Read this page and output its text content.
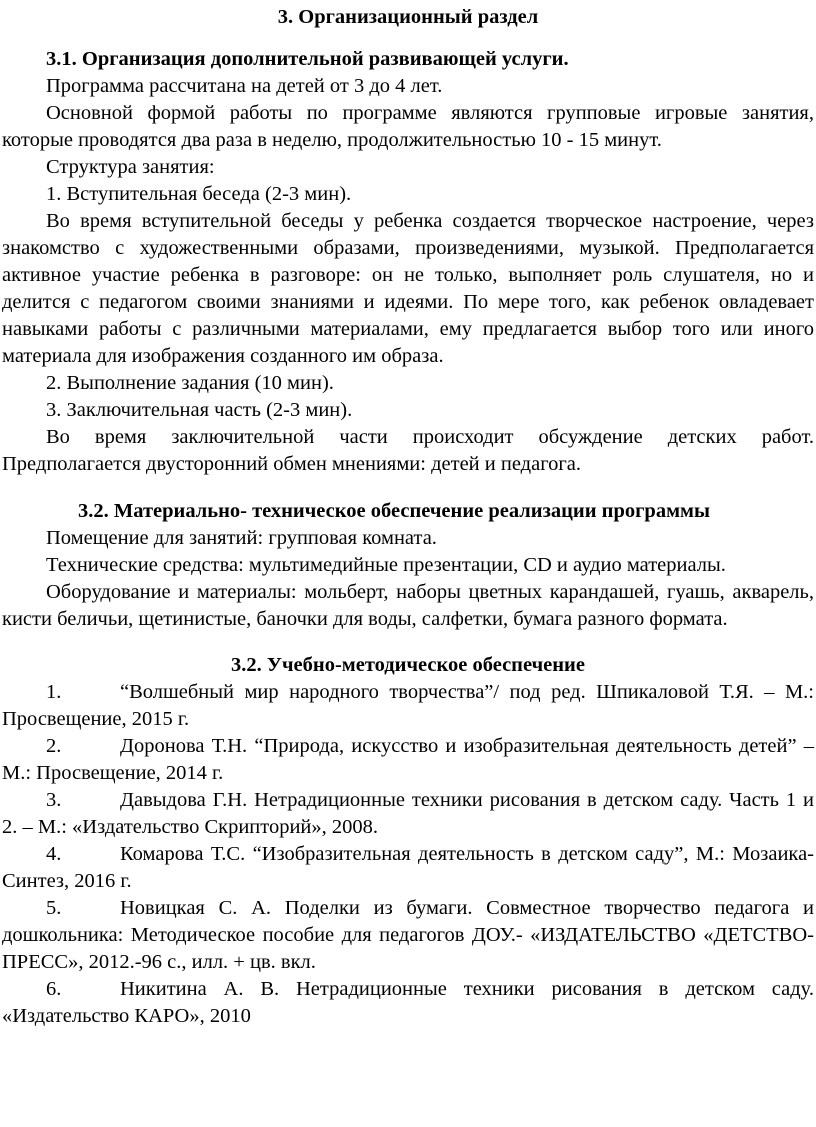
3. Организационный раздел
3.1. Организация дополнительной развивающей услуги.

Программа рассчитана на детей от 3 до 4 лет.

Основной формой работы по программе являются групповые игровые занятия, которые проводятся два раза в неделю, продолжительностью 10 - 15 минут.

Структура занятия:

1. Вступительная беседа (2-3 мин).

Во время вступительной беседы у ребенка создается творческое настроение, через знакомство с художественными образами, произведениями, музыкой. Предполагается активное участие ребенка в разговоре: он не только, выполняет роль слушателя, но и делится с педагогом своими знаниями и идеями. По мере того, как ребенок овладевает навыками работы с различными материалами, ему предлагается выбор того или иного материала для изображения созданного им образа.

2. Выполнение задания (10 мин).

3. Заключительная часть (2-3 мин).

Во время заключительной части происходит обсуждение детских работ. Предполагается двусторонний обмен мнениями: детей и педагога.

3.2. Материально- техническое обеспечение реализации программы

Помещение для занятий: групповая комната.

Технические средства: мультимедийные презентации, CD и аудио материалы.

Оборудование и материалы: мольберт, наборы цветных карандашей, гуашь, акварель, кисти беличьи, щетинистые, баночки для воды, салфетки, бумага разного формата.

3.2. Учебно-методическое обеспечение
1.	“Волшебный мир народного творчества”/ под ред. Шпикаловой Т.Я. – М.: Просвещение, 2015 г.
2.	Доронова Т.Н. “Природа, искусство и изобразительная деятельность детей” – М.: Просвещение, 2014 г.
3.	Давыдова Г.Н. Нетрадиционные техники рисования в детском саду. Часть 1 и 2. – М.: «Издательство Скрипторий», 2008.
4.	Комарова Т.С. “Изобразительная деятельность в детском саду”, М.: Мозаика-Синтез, 2016 г.
5.	Новицкая С. А. Поделки из бумаги. Совместное творчество педагога и дошкольника: Методическое пособие для педагогов ДОУ.- «ИЗДАТЕЛЬСТВО «ДЕТСТВО-ПРЕСС», 2012.-96 с., илл. + цв. вкл.
6.	Никитина А. В. Нетрадиционные техники рисования в детском саду. «Издательство КАРО», 2010
